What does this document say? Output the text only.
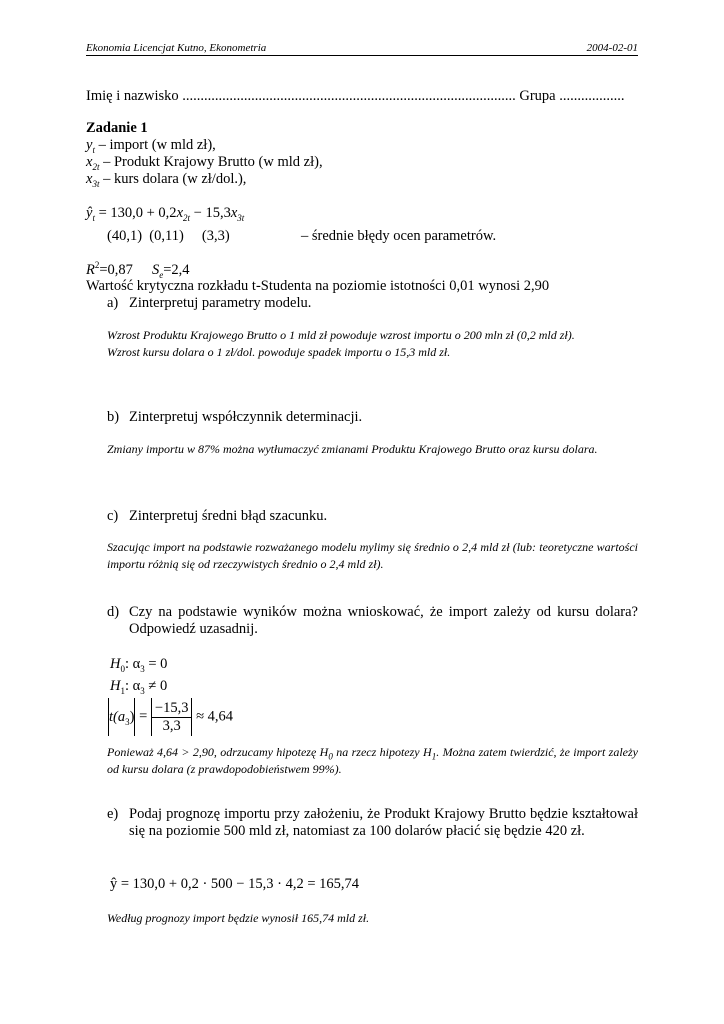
Ekonomia Licencjat Kutno, Ekonometria	2004-02-01
Imię i nazwisko ............................................................................................ Grupa ..................
Zadanie 1
$y_t$ – import (w mld zł),
$x_{2t}$ – Produkt Krajowy Brutto (w mld zł),
$x_{3t}$ – kurs dolara (w zł/dol.),
$ŷ_t = 130,0 + 0,2x_{2t} - 15,3x_{3t}$
(40,1)  (0,11)     (3,3)	– średnie błędy ocen parametrów.
$R^2=0,87$ $S_e=2,4$
Wartość krytyczna rozkładu t-Studenta na poziomie istotności 0,01 wynosi 2,90
a) Zinterpretuj parametry modelu.
Wzrost Produktu Krajowego Brutto o 1 mld zł powoduje wzrost importu o 200 mln zł (0,2 mld zł).
Wzrost kursu dolara o 1 zł/dol. powoduje spadek importu o 15,3 mld zł.
b) Zinterpretuj współczynnik determinacji.
Zmiany importu w 87% można wytłumaczyć zmianami Produktu Krajowego Brutto oraz kursu dolara.
c) Zinterpretuj średni błąd szacunku.
Szacując import na podstawie rozważanego modelu mylimy się średnio o 2,4 mld zł (lub: teoretyczne wartości importu różnią się od rzeczywistych średnio o 2,4 mld zł).
d) Czy na podstawie wyników można wnioskować, że import zależy od kursu dolara? Odpowiedź uzasadnij.
$H_0$: $\alpha_3 = 0$
$H_1$: $\alpha_3 \ne 0$
$t(a_3) = \frac{-15,3}{3,3} \approx 4,64$
Ponieważ 4,64 > 2,90, odrzucamy hipotezę $H_0$ na rzecz hipotezy $H_1$. Można zatem twierdzić, że import zależy od kursu dolara (z prawdopodobieństwem 99%).
e) Podaj prognozę importu przy założeniu, że Produkt Krajowy Brutto będzie kształtował się na poziomie 500 mld zł, natomiast za 100 dolarów płacić się będzie 420 zł.
ŷ = 130,0 + 0,2 · 500 − 15,3 · 4,2 = 165,74
Według prognozy import będzie wynosił 165,74 mld zł.
